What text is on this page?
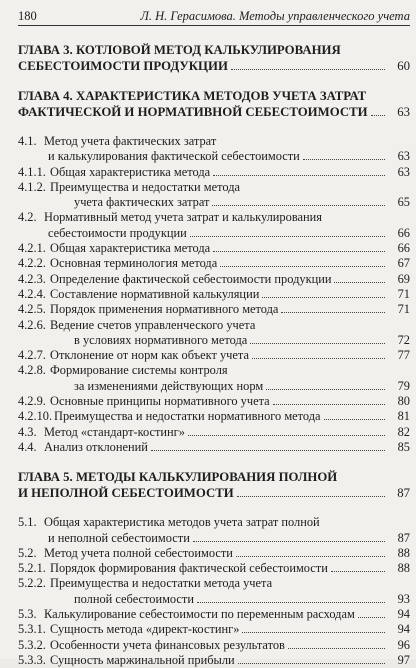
180	Л. Н. Герасимова. Методы управленческого учета
ГЛАВА 3. КОТЛОВОЙ МЕТОД КАЛЬКУЛИРОВАНИЯ
СЕБЕСТОИМОСТИ ПРОДУКЦИИ	60
ГЛАВА 4. ХАРАКТЕРИСТИКА МЕТОДОВ УЧЕТА ЗАТРАТ
ФАКТИЧЕСКОЙ И НОРМАТИВНОЙ СЕБЕСТОИМОСТИ	63
4.1. Метод учета фактических затрат
и калькулирования фактической себестоимости	63
4.1.1. Общая характеристика метода	63
4.1.2. Преимущества и недостатки метода
учета фактических затрат	65
4.2. Нормативный метод учета затрат и калькулирования
себестоимости продукции	66
4.2.1. Общая характеристика метода	66
4.2.2. Основная терминология метода	67
4.2.3. Определение фактической себестоимости продукции	69
4.2.4. Составление нормативной калькуляции	71
4.2.5. Порядок применения нормативного метода	71
4.2.6. Ведение счетов управленческого учета
в условиях нормативного метода	72
4.2.7. Отклонение от норм как объект учета	77
4.2.8. Формирование системы контроля
за изменениями действующих норм	79
4.2.9. Основные принципы нормативного учета	80
4.2.10. Преимущества и недостатки нормативного метода	81
4.3. Метод «стандарт-костинг»	82
4.4. Анализ отклонений	85
ГЛАВА 5. МЕТОДЫ КАЛЬКУЛИРОВАНИЯ ПОЛНОЙ
И НЕПОЛНОЙ СЕБЕСТОИМОСТИ	87
5.1. Общая характеристика методов учета затрат полной
и неполной себестоимости	87
5.2. Метод учета полной себестоимости	88
5.2.1. Порядок формирования фактической себестоимости	88
5.2.2. Преимущества и недостатки метода учета
полной себестоимости	93
5.3. Калькулирование себестоимости по переменным расходам	94
5.3.1. Сущность метода «директ-костинг»	94
5.3.2. Особенности учета финансовых результатов	96
5.3.3. Сущность маржинальной прибыли	97
